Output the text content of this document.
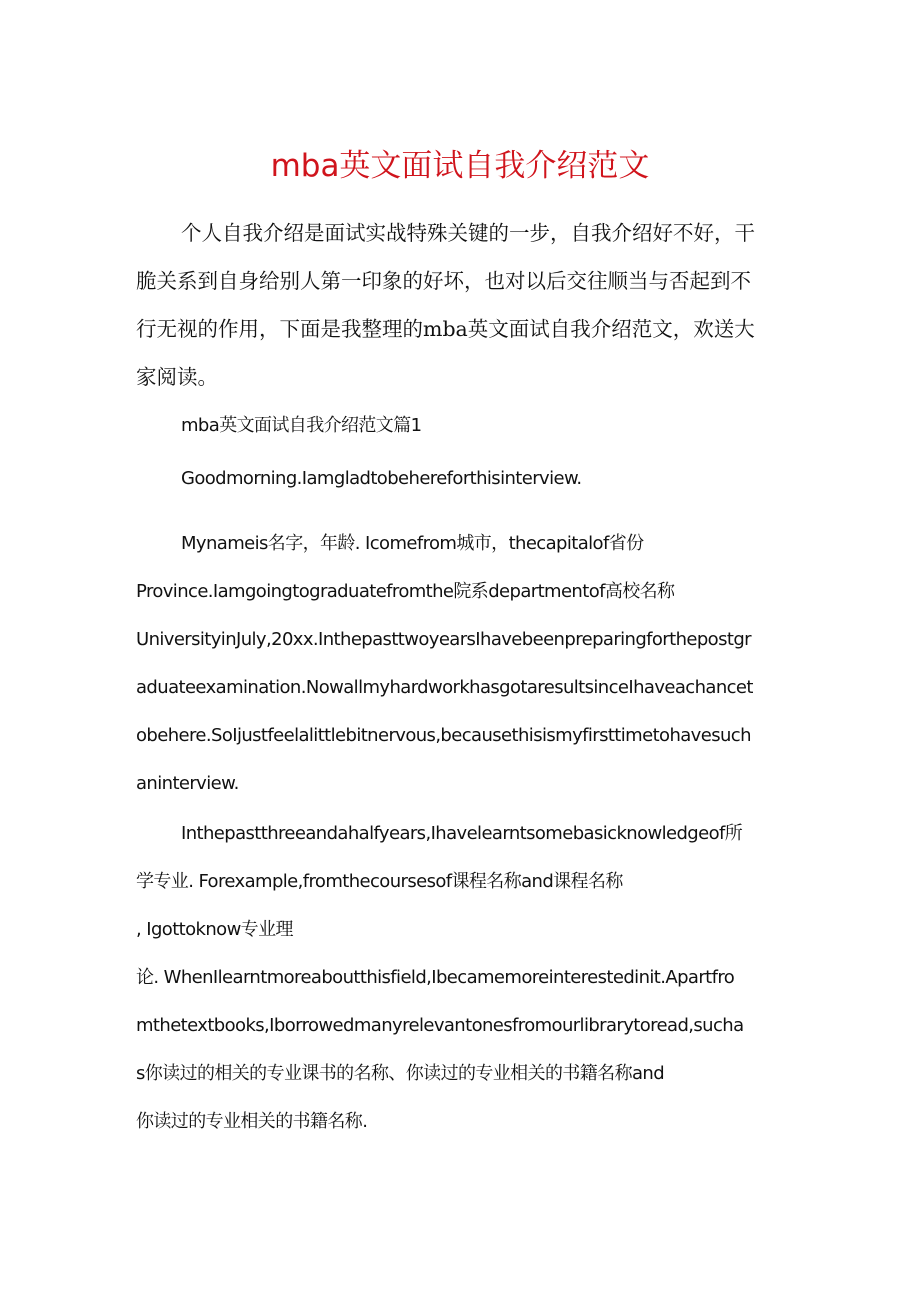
mba英文面试自我介绍范文
个人自我介绍是面试实战特殊关键的一步，自我介绍好不好，干
脆关系到自身给别人第一印象的好坏，也对以后交往顺当与否起到不
行无视的作用，下面是我整理的mba英文面试自我介绍范文，欢送大
家阅读。
mba英文面试自我介绍范文篇1
Goodmorning.Iamgladtobehereforthisinterview.
Mynameis名字，年龄. Icomefrom城市，thecapitalof省份
Province.Iamgoingtograduatefromthe院系departmentof高校名称
UniversityinJuly,20xx.InthepasttwoyearsIhavebeenpreparingforthepostgr
aduateexamination.NowallmyhardworkhasgotaresultsinceIhaveachancet
obehere.SoIjustfeelalittlebitnervous,becausethisismyfirsttimetohavesuch
aninterview.
Inthepastthreeandahalfyears,Ihavelearntsomebasicknowledgeof所
学专业. Forexample,fromthecoursesof课程名称and课程名称
, Igottoknow专业理
论. WhenIlearntmoreaboutthisfield,Ibecamemoreinterestedinit.Apartfro
mthetextbooks,Iborrowedmanyrelevantonesfromourlibrarytoread,sucha
s你读过的相关的专业课书的名称、你读过的专业相关的书籍名称and
你读过的专业相关的书籍名称.
